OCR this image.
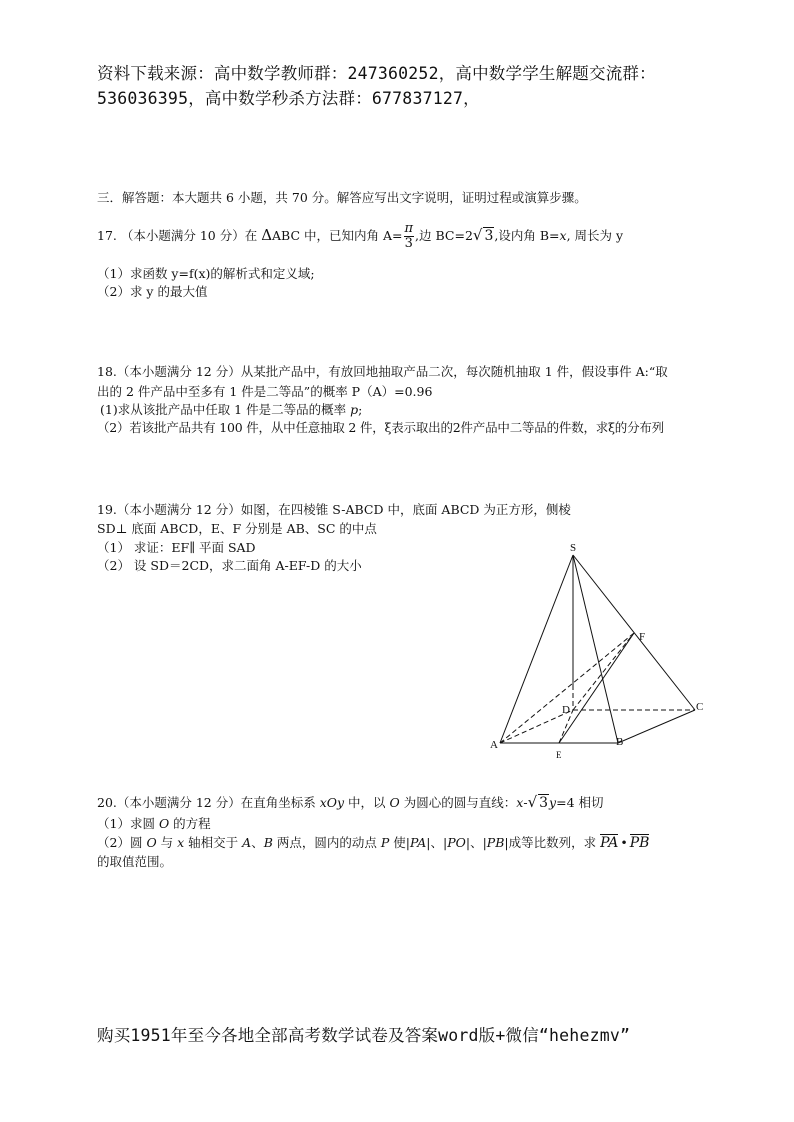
资料下载来源：高中数学教师群：247360252，高中数学学生解题交流群：
536036395，高中数学秒杀方法群：677837127，
三．解答题：本大题共 6 小题，共 70 分。解答应写出文字说明，证明过程或演算步骤。
17. （本小题满分 10 分）在 ΔABC 中，已知内角 $A= \frac{\pi}{3}$ ,边 BC=2√ 3,设内角 B=x, 周长为 y
（1）求函数 y=f(x)的解析式和定义域;
（2）求 y 的最大值
18.（本小题满分 12 分）从某批产品中，有放回地抽取产品二次，每次随机抽取 1 件，假设事件 A:“取
出的 2 件产品中至多有 1 件是二等品”的概率 P（A）=0.96
(1)求从该批产品中任取 1 件是二等品的概率 p;
（2）若该批产品共有 100 件，从中任意抽取 2 件，ξ表示取出的2件产品中二等品的件数，求ξ的分布列
19.（本小题满分 12 分）如图，在四棱锥 S-ABCD 中，底面 ABCD 为正方形，侧棱
SD⊥ 底面 ABCD，E、F 分别是 AB、SC 的中点
（1） 求证：EF∥ 平面 SAD
（2） 设 SD＝2CD，求二面角 A-EF-D 的大小
S
F
D	C
A	B
E
20.（本小题满分 12 分）在直角坐标系 xOy 中，以 O 为圆心的圆与直线：x-√ 3y=4 相切
（1）求圆 O 的方程
（2）圆 O 与 x 轴相交于 A、B 两点，圆内的动点 P 使|PA|、|PO|、|PB|成等比数列，求 PA • PB
的取值范围。
购买1951年至今各地全部高考数学试卷及答案word版+微信“hehezmv”
